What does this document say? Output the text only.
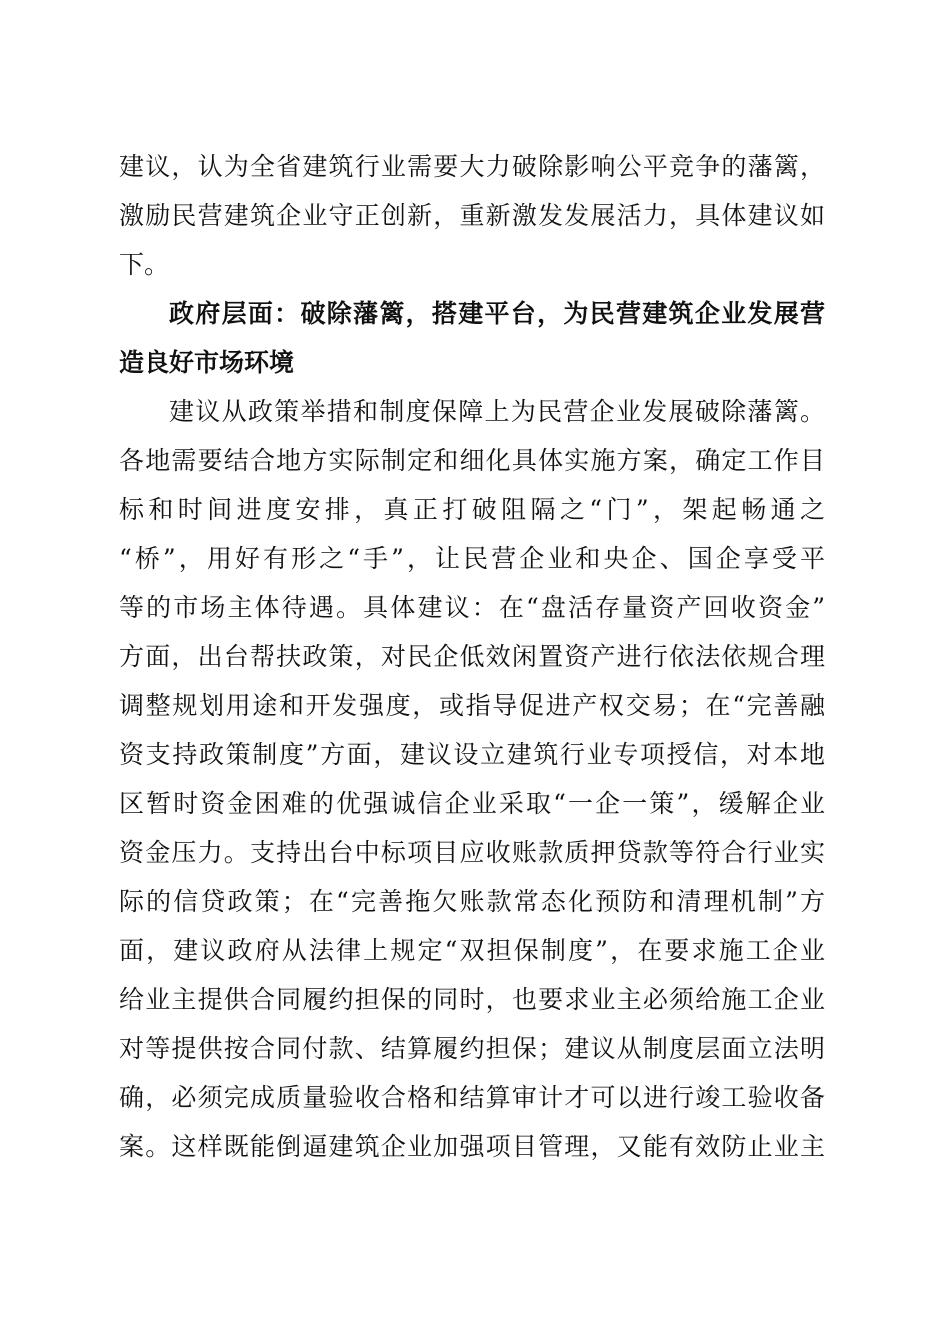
建议，认为全省建筑行业需要大力破除影响公平竞争的藩篱，
激励民营建筑企业守正创新，重新激发发展活力，具体建议如
下。
政府层面：破除藩篱，搭建平台，为民营建筑企业发展营
造良好市场环境
建议从政策举措和制度保障上为民营企业发展破除藩篱。
各地需要结合地方实际制定和细化具体实施方案，确定工作目
标和时间进度安排，真正打破阻隔之“门”，架起畅通之
“桥”，用好有形之“手”，让民营企业和央企、国企享受平
等的市场主体待遇。具体建议：在“盘活存量资产回收资金”
方面，出台帮扶政策，对民企低效闲置资产进行依法依规合理
调整规划用途和开发强度，或指导促进产权交易；在“完善融
资支持政策制度”方面，建议设立建筑行业专项授信，对本地
区暂时资金困难的优强诚信企业采取“一企一策”，缓解企业
资金压力。支持出台中标项目应收账款质押贷款等符合行业实
际的信贷政策；在“完善拖欠账款常态化预防和清理机制”方
面，建议政府从法律上规定“双担保制度”，在要求施工企业
给业主提供合同履约担保的同时，也要求业主必须给施工企业
对等提供按合同付款、结算履约担保；建议从制度层面立法明
确，必须完成质量验收合格和结算审计才可以进行竣工验收备
案。这样既能倒逼建筑企业加强项目管理，又能有效防止业主
